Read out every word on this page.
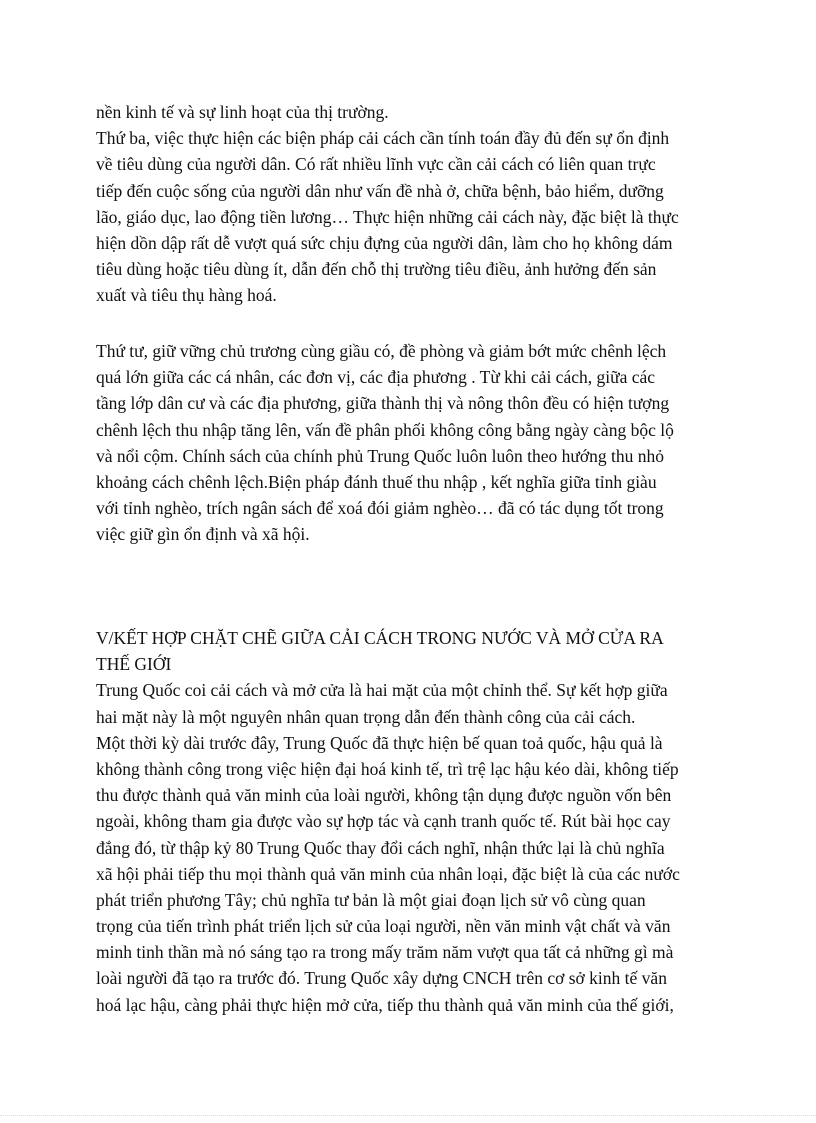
nền kinh tế và sự linh hoạt của thị trường.
Thứ ba, việc thực hiện các biện pháp cải cách cần tính toán đầy đủ đến sự ổn định
về tiêu dùng của người dân. Có rất nhiều lĩnh vực cần cải cách có liên quan trực
tiếp đến cuộc sống của người dân như vấn đề nhà ở, chữa bệnh, bảo hiểm, dưỡng
lão, giáo dục, lao động tiền lương… Thực hiện những cải cách này, đặc biệt là thực
hiện dồn dập rất dễ vượt quá sức chịu đựng của người dân, làm cho họ không dám
tiêu dùng hoặc tiêu dùng ít, dẫn đến chỗ thị trường tiêu điều, ảnh hưởng đến sản
xuất và tiêu thụ hàng hoá.
Thứ tư, giữ vững chủ trương cùng giầu có, đề phòng và giảm bớt mức chênh lệch
quá lớn giữa các cá nhân, các đơn vị, các địa phương . Từ khi cải cách, giữa các
tầng lớp dân cư và các địa phương, giữa thành thị và nông thôn đều có hiện tượng
chênh lệch thu nhập tăng lên, vấn đề phân phối không công bằng ngày càng bộc lộ
và nổi cộm. Chính sách của chính phủ Trung Quốc luôn luôn theo hướng thu nhỏ
khoảng cách chênh lệch.Biện pháp đánh thuế thu nhập , kết nghĩa giữa tỉnh giàu
với tỉnh nghèo, trích ngân sách để xoá đói giảm nghèo… đã có tác dụng tốt trong
việc giữ gìn ổn định và xã hội.
V/KẾT HỢP CHẶT CHẼ GIỮA CẢI CÁCH TRONG NƯỚC VÀ MỞ CỬA RA
THẾ GIỚI
Trung Quốc coi cải cách và mở cửa là hai mặt của một chỉnh thể. Sự kết hợp giữa
hai mặt này là một nguyên nhân quan trọng dẫn đến thành công của cải cách.
Một thời kỳ dài trước đây, Trung Quốc đã thực hiện bế quan toả quốc, hậu quả là
không thành công trong việc hiện đại hoá kinh tế, trì trệ lạc hậu kéo dài, không tiếp
thu được thành quả văn minh của loài người, không tận dụng được nguồn vốn bên
ngoài, không tham gia được vào sự hợp tác và cạnh tranh quốc tế. Rút bài học cay
đắng đó, từ thập kỷ 80 Trung Quốc thay đổi cách nghĩ, nhận thức lại là chủ nghĩa
xã hội phải tiếp thu mọi thành quả văn minh của nhân loại, đặc biệt là của các nước
phát triển phương Tây; chủ nghĩa tư bản là một giai đoạn lịch sử vô cùng quan
trọng của tiến trình phát triển lịch sử của loại người, nền văn minh vật chất và văn
minh tinh thần mà nó sáng tạo ra trong mấy trăm năm vượt qua tất cả những gì mà
loài người đã tạo ra trước đó. Trung Quốc xây dựng CNCH trên cơ sở kinh tế văn
hoá lạc hậu, càng phải thực hiện mở cửa, tiếp thu thành quả văn minh của thế giới,
